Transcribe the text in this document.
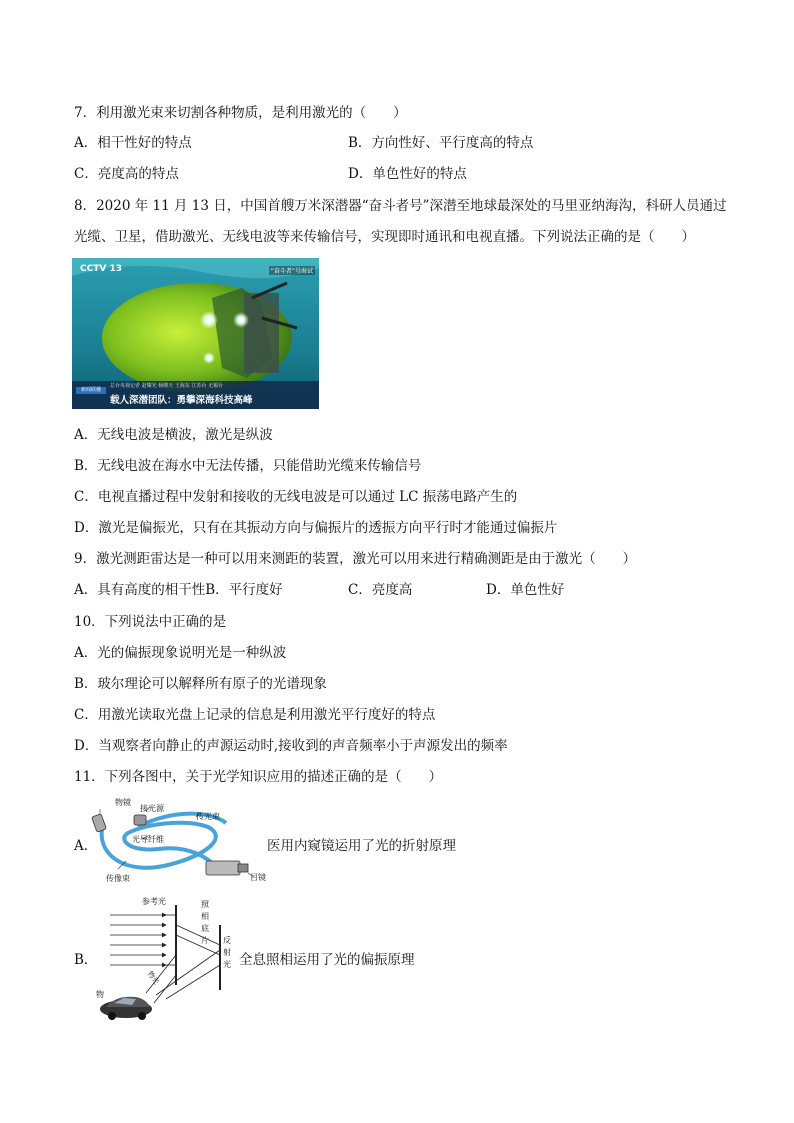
7．利用激光束来切割各种物质，是利用激光的（　　）
A．相干性好的特点	B．方向性好、平行度高的特点
C．亮度高的特点	D．单色性好的特点
8．2020 年 11 月 13 日，中国首艘万米深潜器“奋斗者号”深潜至地球最深处的马里亚纳海沟，科研人员通过
光缆、卫星，借助激光、无线电波等来传输信号，实现即时通讯和电视直播。下列说法正确的是（　　）
CCTV 13	“奋斗者”号海试
新闻联播
总台央视记者 赵耀光 杨曙天 王海东 江苏台 无锡台
载人深潜团队：勇攀深海科技高峰
A．无线电波是横波，激光是纵波
B．无线电波在海水中无法传播，只能借助光缆来传输信号
C．电视直播过程中发射和接收的无线电波是可以通过 LC 振荡电路产生的
D．激光是偏振光，只有在其振动方向与偏振片的透振方向平行时才能通过偏振片
9．激光测距雷达是一种可以用来测距的装置，激光可以用来进行精确测距是由于激光（　　）
A．具有高度的相干性B．平行度好	C．亮度高	D．单色性好
10．下列说法中正确的是
A．光的偏振现象说明光是一种纵波
B．玻尔理论可以解释所有原子的光谱现象
C．用激光读取光盘上记录的信息是利用激光平行度好的特点
D．当观察者向静止的声源运动时,接收到的声音频率小于声源发出的频率
11．下列各图中，关于光学知识应用的描述正确的是（　　）
A．
物镜
接光源
传光束
光导纤维
传像束	目镜
医用内窥镜运用了光的折射原理
B．
参考光	照相底片 反射光
物光
物
全息照相运用了光的偏振原理
